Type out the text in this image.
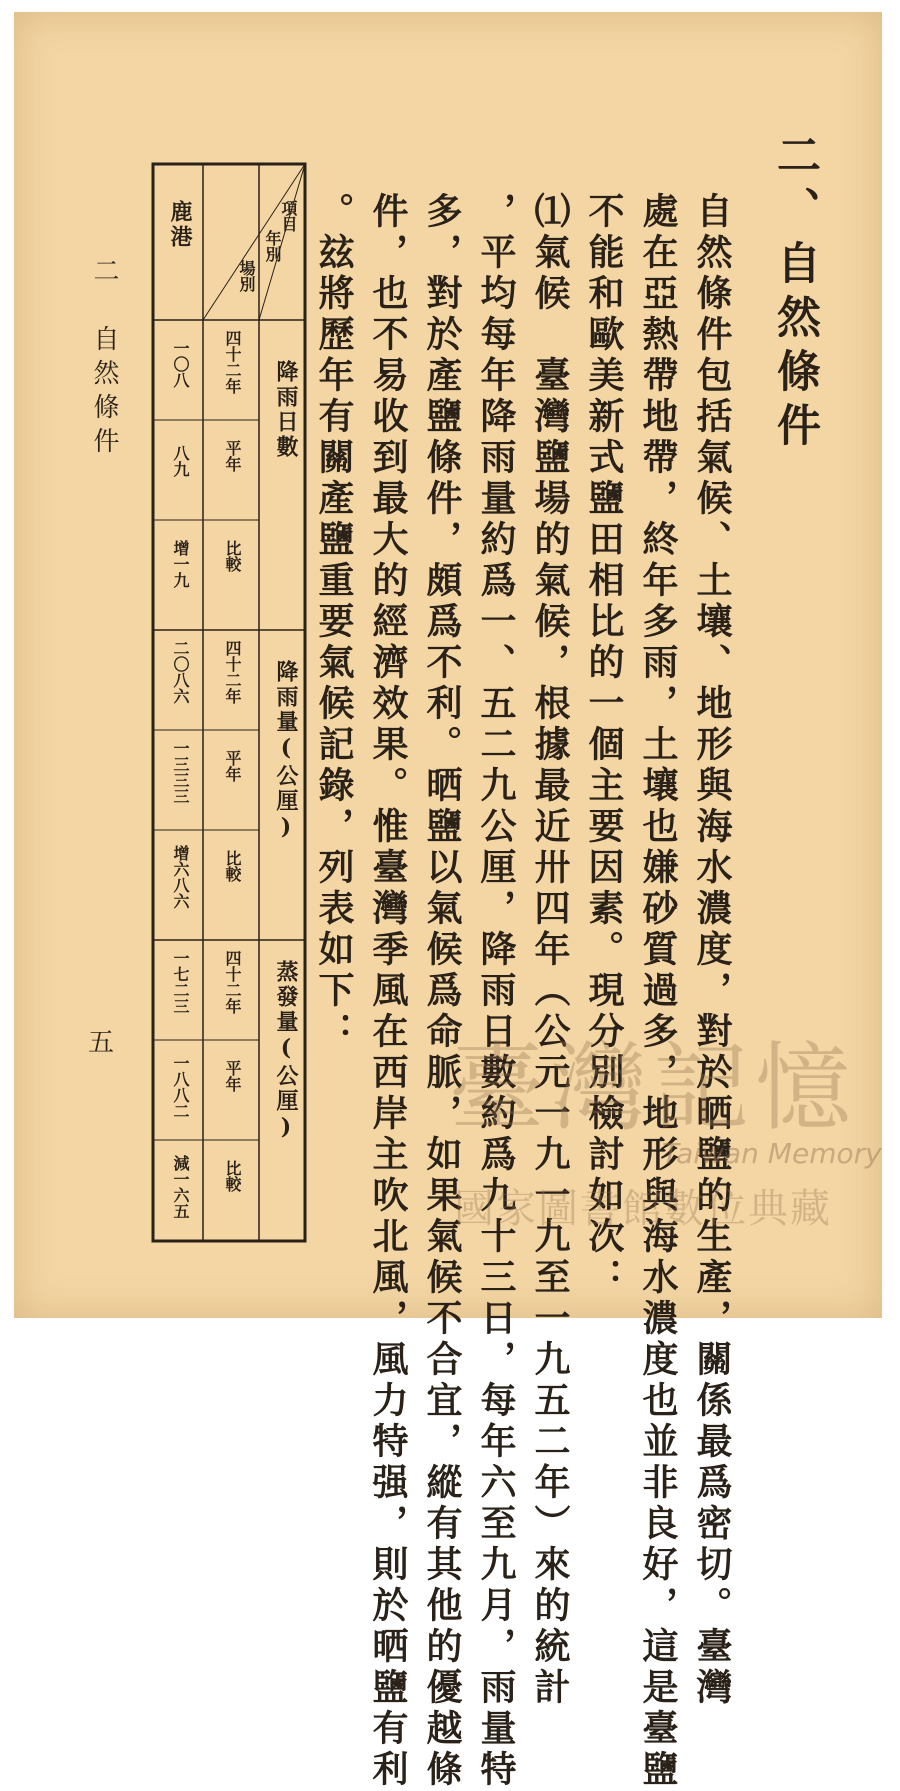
二、自然條件
自然條件包括氣候、土壤、地形與海水濃度，對於晒鹽的生產，關係最爲密切。臺灣
處在亞熱帶地帶，終年多雨，土壤也嫌砂質過多，地形與海水濃度也並非良好，這是臺鹽
不能和歐美新式鹽田相比的一個主要因素。現分別檢討如次：
⑴氣候　臺灣鹽場的氣候，根據最近卅四年（公元一九一九至一九五二年）來的統計
，平均每年降雨量約爲一、五二九公厘，降雨日數約爲九十三日，每年六至九月，雨量特
多，對於產鹽條件，頗爲不利。晒鹽以氣候爲命脈，如果氣候不合宜，縱有其他的優越條
件，也不易收到最大的經濟效果。惟臺灣季風在西岸主吹北風，風力特强，則於晒鹽有利
。玆將歷年有關產鹽重要氣候記錄，列表如下：
項目
年別
場別
降雨日數
降雨量(公厘)
蒸發量(公厘)
四十二年
平年
比較
四十二年
平年
比較
四十二年
平年
比較
鹿港
一〇八
八九
增一九
二〇八六
一三三三
增六八六
一七二三
一八八二
減一六五
二　自然條件
五	臺灣記憶
Taiwan Memory
國家圖書館數位典藏
